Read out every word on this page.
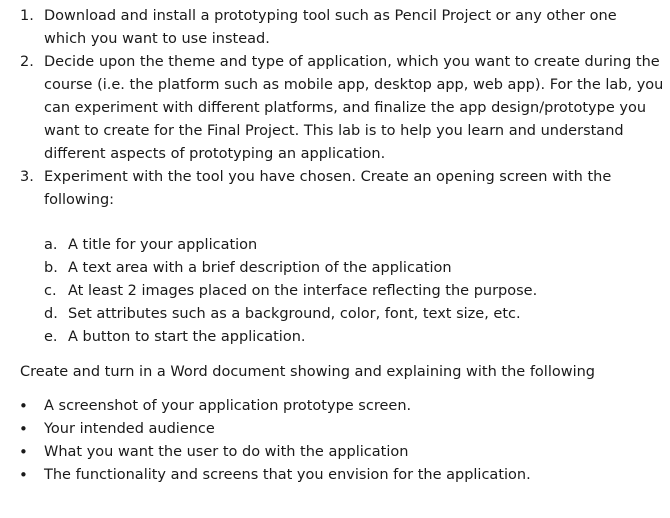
1. Download and install a prototyping tool such as Pencil Project or any other one
which you want to use instead.
2. Decide upon the theme and type of application, which you want to create during the
course (i.e. the platform such as mobile app, desktop app, web app). For the lab, you
can experiment with different platforms, and finalize the app design/prototype you
want to create for the Final Project. This lab is to help you learn and understand
different aspects of prototyping an application.
3. Experiment with the tool you have chosen. Create an opening screen with the
following:
a. A title for your application
b. A text area with a brief description of the application
c. At least 2 images placed on the interface reflecting the purpose.
d. Set attributes such as a background, color, font, text size, etc.
e. A button to start the application.
Create and turn in a Word document showing and explaining with the following
• A screenshot of your application prototype screen.
• Your intended audience
• What you want the user to do with the application
• The functionality and screens that you envision for the application.
